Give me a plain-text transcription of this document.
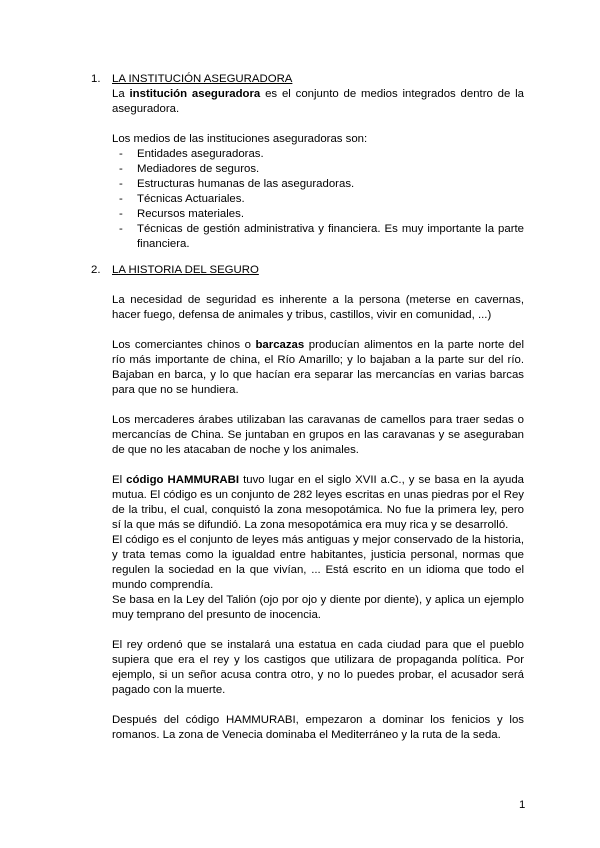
1.	LA INSTITUCIÓN ASEGURADORA

La institución aseguradora es el conjunto de medios integrados dentro de la aseguradora.

Los medios de las instituciones aseguradoras son:

-	Entidades aseguradoras.
-	Mediadores de seguros.
-	Estructuras humanas de las aseguradoras.
-	Técnicas Actuariales.
-	Recursos materiales.
-	Técnicas de gestión administrativa y financiera. Es muy importante la parte financiera.
2.	LA HISTORIA DEL SEGURO

La necesidad de seguridad es inherente a la persona (meterse en cavernas, hacer fuego, defensa de animales y tribus, castillos, vivir en comunidad, ...)

Los comerciantes chinos o barcazas producían alimentos en la parte norte del río más importante de china, el Río Amarillo; y lo bajaban a la parte sur del río. Bajaban en barca, y lo que hacían era separar las mercancías en varias barcas para que no se hundiera.

Los mercaderes árabes utilizaban las caravanas de camellos para traer sedas o mercancías de China. Se juntaban en grupos en las caravanas y se aseguraban de que no les atacaban de noche y los animales.

El código HAMMURABI tuvo lugar en el siglo XVII a.C., y se basa en la ayuda mutua. El código es un conjunto de 282 leyes escritas en unas piedras por el Rey de la tribu, el cual, conquistó la zona mesopotámica. No fue la primera ley, pero sí la que más se difundió. La zona mesopotámica era muy rica y se desarrolló.

El código es el conjunto de leyes más antiguas y mejor conservado de la historia, y trata temas como la igualdad entre habitantes, justicia personal, normas que regulen la sociedad en la que vivían, ... Está escrito en un idioma que todo el mundo comprendía.

Se basa en la Ley del Talión (ojo por ojo y diente por diente), y aplica un ejemplo muy temprano del presunto de inocencia.

El rey ordenó que se instalará una estatua en cada ciudad para que el pueblo supiera que era el rey y los castigos que utilizara de propaganda política. Por ejemplo, si un señor acusa contra otro, y no lo puedes probar, el acusador será pagado con la muerte.

Después del código HAMMURABI, empezaron a dominar los fenicios y los romanos. La zona de Venecia dominaba el Mediterráneo y la ruta de la seda.

1
